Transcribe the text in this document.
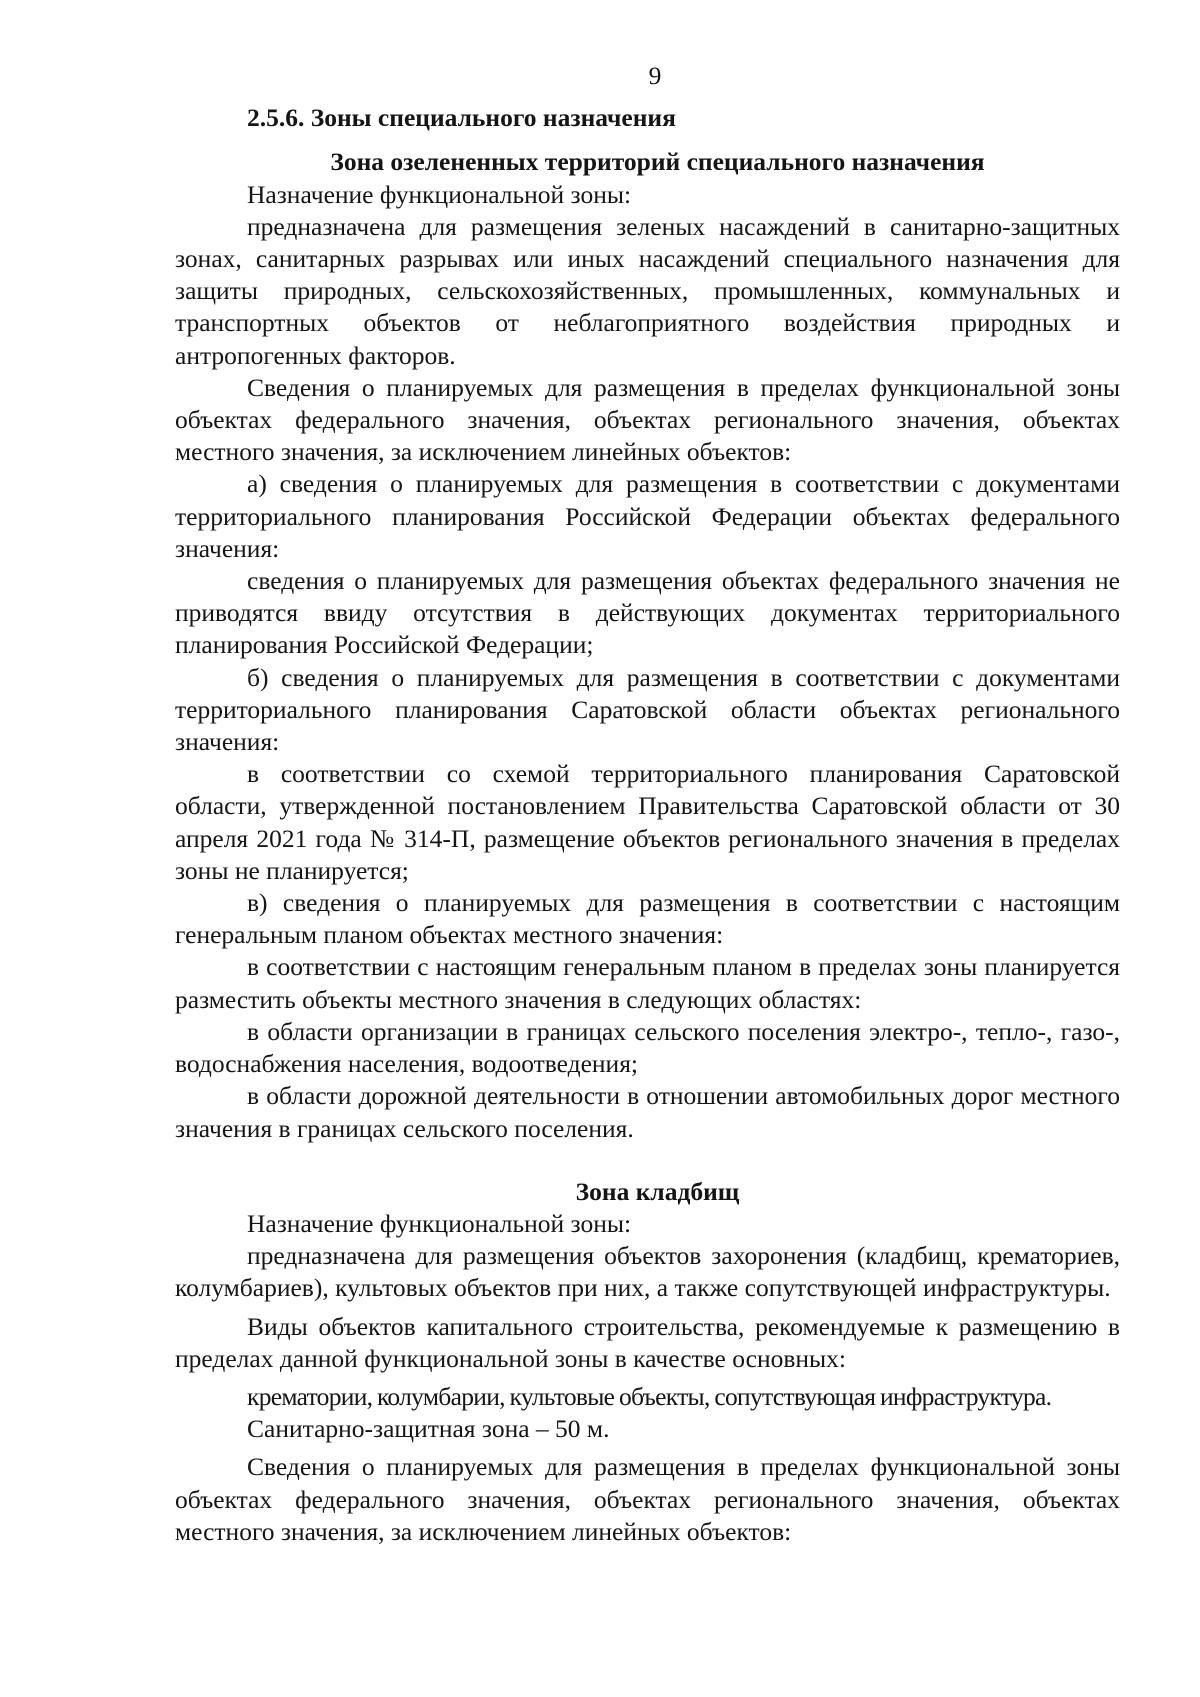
9
2.5.6. Зоны специального назначения
Зона озелененных территорий специального назначения

Назначение функциональной зоны:

предназначена для размещения зеленых насаждений в санитарно-защитных зонах, санитарных разрывах или иных насаждений специального назначения для защиты природных, сельскохозяйственных, промышленных, коммунальных и транспортных объектов от неблагоприятного воздействия природных и антропогенных факторов.

Сведения о планируемых для размещения в пределах функциональной зоны объектах федерального значения, объектах регионального значения, объектах местного значения, за исключением линейных объектов:

а) сведения о планируемых для размещения в соответствии с документами территориального планирования Российской Федерации объектах федерального значения:

сведения о планируемых для размещения объектах федерального значения не приводятся ввиду отсутствия в действующих документах территориального планирования Российской Федерации;

б) сведения о планируемых для размещения в соответствии с документами территориального планирования Саратовской области объектах регионального значения:

в соответствии со схемой территориального планирования Саратовской области, утвержденной постановлением Правительства Саратовской области от 30 апреля 2021 года № 314-П, размещение объектов регионального значения в пределах зоны не планируется;

в) сведения о планируемых для размещения в соответствии с настоящим генеральным планом объектах местного значения:

в соответствии с настоящим генеральным планом в пределах зоны планируется разместить объекты местного значения в следующих областях:

в области организации в границах сельского поселения электро-, тепло-, газо-, водоснабжения населения, водоотведения;

в области дорожной деятельности в отношении автомобильных дорог местного значения в границах сельского поселения.

Зона кладбищ

Назначение функциональной зоны:

предназначена для размещения объектов захоронения (кладбищ, крематориев, колумбариев), культовых объектов при них, а также сопутствующей инфраструктуры.

Виды объектов капитального строительства, рекомендуемые к размещению в пределах данной функциональной зоны в качестве основных:

крематории, колумбарии, культовые объекты, сопутствующая инфраструктура.

Санитарно-защитная зона – 50 м.

Сведения о планируемых для размещения в пределах функциональной зоны объектах федерального значения, объектах регионального значения, объектах местного значения, за исключением линейных объектов:
